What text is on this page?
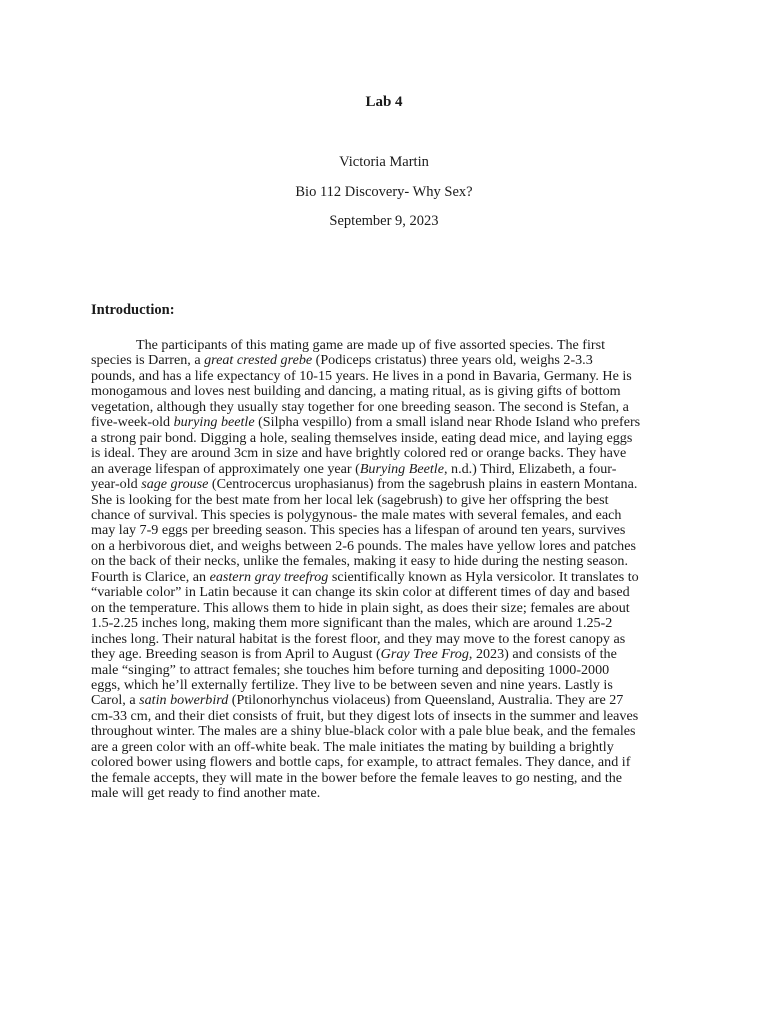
Lab 4
Victoria Martin
Bio 112 Discovery- Why Sex?
September 9, 2023
Introduction:

The participants of this mating game are made up of five assorted species. The first
species is Darren, a great crested grebe (Podiceps cristatus) three years old, weighs 2-3.3
pounds, and has a life expectancy of 10-15 years. He lives in a pond in Bavaria, Germany. He is
monogamous and loves nest building and dancing, a mating ritual, as is giving gifts of bottom
vegetation, although they usually stay together for one breeding season. The second is Stefan, a
five-week-old burying beetle (Silpha vespillo) from a small island near Rhode Island who prefers
a strong pair bond. Digging a hole, sealing themselves inside, eating dead mice, and laying eggs
is ideal. They are around 3cm in size and have brightly colored red or orange backs. They have
an average lifespan of approximately one year (Burying Beetle, n.d.) Third, Elizabeth, a four-
year-old sage grouse (Centrocercus urophasianus) from the sagebrush plains in eastern Montana.
She is looking for the best mate from her local lek (sagebrush) to give her offspring the best
chance of survival. This species is polygynous- the male mates with several females, and each
may lay 7-9 eggs per breeding season. This species has a lifespan of around ten years, survives
on a herbivorous diet, and weighs between 2-6 pounds. The males have yellow lores and patches
on the back of their necks, unlike the females, making it easy to hide during the nesting season.
Fourth is Clarice, an eastern gray treefrog scientifically known as Hyla versicolor. It translates to
“variable color” in Latin because it can change its skin color at different times of day and based
on the temperature. This allows them to hide in plain sight, as does their size; females are about
1.5-2.25 inches long, making them more significant than the males, which are around 1.25-2
inches long. Their natural habitat is the forest floor, and they may move to the forest canopy as
they age. Breeding season is from April to August (Gray Tree Frog, 2023) and consists of the
male “singing” to attract females; she touches him before turning and depositing 1000-2000
eggs, which he’ll externally fertilize. They live to be between seven and nine years. Lastly is
Carol, a satin bowerbird (Ptilonorhynchus violaceus) from Queensland, Australia. They are 27
cm-33 cm, and their diet consists of fruit, but they digest lots of insects in the summer and leaves
throughout winter. The males are a shiny blue-black color with a pale blue beak, and the females
are a green color with an off-white beak. The male initiates the mating by building a brightly
colored bower using flowers and bottle caps, for example, to attract females. They dance, and if
the female accepts, they will mate in the bower before the female leaves to go nesting, and the
male will get ready to find another mate.
